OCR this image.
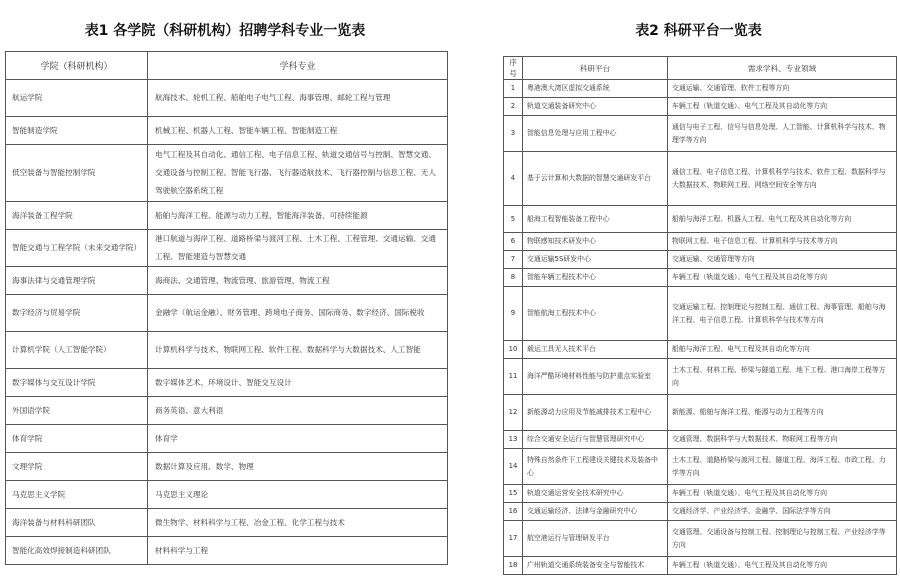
表1 各学院（科研机构）招聘学科专业一览表
学院（科研机构）	学科专业
航运学院	航海技术、轮机工程、船舶电子电气工程、海事管理、邮轮工程与管理
智能制造学院	机械工程、机器人工程、智能车辆工程、智能制造工程
低空装备与智能控制学院	电气工程及其自动化、通信工程、电子信息工程、轨道交通信号与控制、智慧交通、交通设备与控制工程、智能飞行器、飞行器适航技术、飞行器控制与信息工程、无人驾驶航空器系统工程
海洋装备工程学院	船舶与海洋工程、能源与动力工程、智能海洋装备、可持续能源
智能交通与工程学院（未来交通学院）	港口航道与海岸工程、道路桥梁与渡河工程、土木工程、工程管理、交通运输、交通工程、智能建造与智慧交通
海事法律与交通管理学院	海商法、交通管理、物流管理、旅游管理、物流工程
数字经济与贸易学院	金融学（航运金融）、财务管理、跨境电子商务、国际商务、数字经济、国际税收
计算机学院（人工智能学院）	计算机科学与技术、物联网工程、软件工程、数据科学与大数据技术、人工智能
数字媒体与交互设计学院	数字媒体艺术、环境设计、智能交互设计
外国语学院	商务英语、意大利语
体育学院	体育学
文理学院	数据计算及应用、数学、物理
马克思主义学院	马克思主义理论
海洋装备与材料科研团队	微生物学、材料科学与工程、冶金工程、化学工程与技术
智能化高效焊接制造科研团队	材料科学与工程
表2 科研平台一览表
序号	科研平台	需求学科、专业领域
1	粤港澳大湾区虚拟交通系统	交通运输、交通管理、软件工程等方向
2	轨道交通装备研究中心	车辆工程（轨道交通）、电气工程及其自动化等方向
3	智能信息处理与应用工程中心	通信与电子工程、信号与信息处理、人工智能、计算机科学与技术、物理学等方向
4	基于云计算和大数据的智慧交通研发平台	通信工程、电子信息工程、计算机科学与技术、软件工程、数据科学与大数据技术、物联网工程、网络空间安全等方向
5	船海工程智能装备工程中心	船舶与海洋工程、机器人工程、电气工程及其自动化等方向
6	物联感知技术研发中心	物联网工程、电子信息工程、计算机科学与技术等方向
7	交通运输5S研发中心	交通运输、交通管理等方向
8	智能车辆工程技术中心	车辆工程（轨道交通）、电气工程及其自动化等方向
9	智能航海工程技术中心	交通运输工程、控制理论与控制工程、通信工程、海事管理、船舶与海洋工程、电子信息工程、计算机科学与技术等方向
10	载运工具无人技术平台	船舶与海洋工程、电气工程及其自动化等方向
11	海洋严酷环境材料性能与防护重点实验室	土木工程、材料工程、桥梁与隧道工程、地下工程、港口海岸工程等方向
12	新能源动力应用及节能减排技术工程中心	新能源、船舶与海洋工程、能源与动力工程等方向
13	综合交通安全运行与智慧管理研究中心	交通管理、数据科学与大数据技术、物联网工程等方向
14	特殊自然条件下工程建设关键技术及装备中心	土木工程、道路桥梁与渡河工程、隧道工程、海洋工程、市政工程、力学等方向
15	轨道交通运营安全技术研究中心	车辆工程（轨道交通）、电气工程及其自动化等方向
16	交通运输经济、法律与金融研究中心	交通经济学、产业经济学、金融学、国际法学等方向
17	航空港运行与管理研发平台	交通管理、交通设备与控制工程、控制理论与控制工程、产业经济学等方向
18	广州轨道交通系统装备安全与智能技术	车辆工程（轨道交通）、电气工程及其自动化等方向
